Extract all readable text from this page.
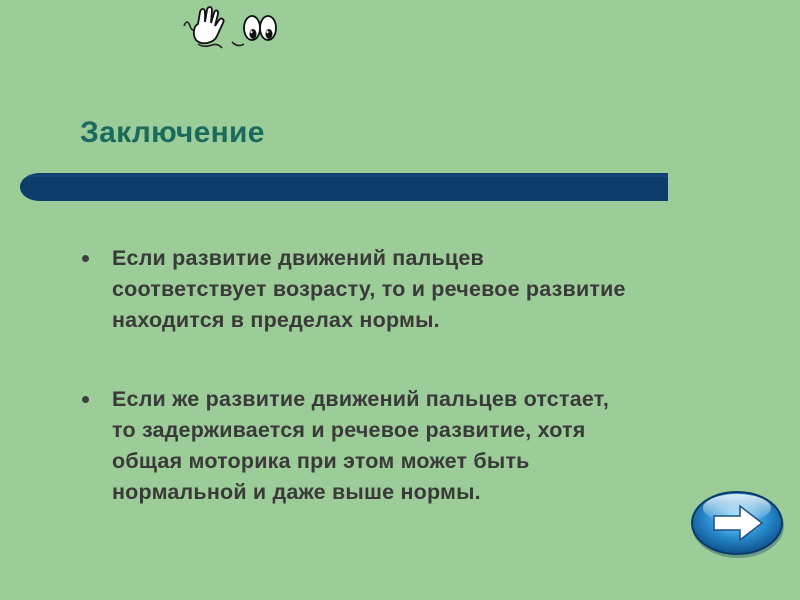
Заключение
Если развитие движений пальцев соответствует возрасту, то и речевое развитие находится в пределах нормы.
Если же развитие движений пальцев отстает, то задерживается и речевое развитие, хотя общая моторика при этом может быть нормальной и даже выше нормы.
